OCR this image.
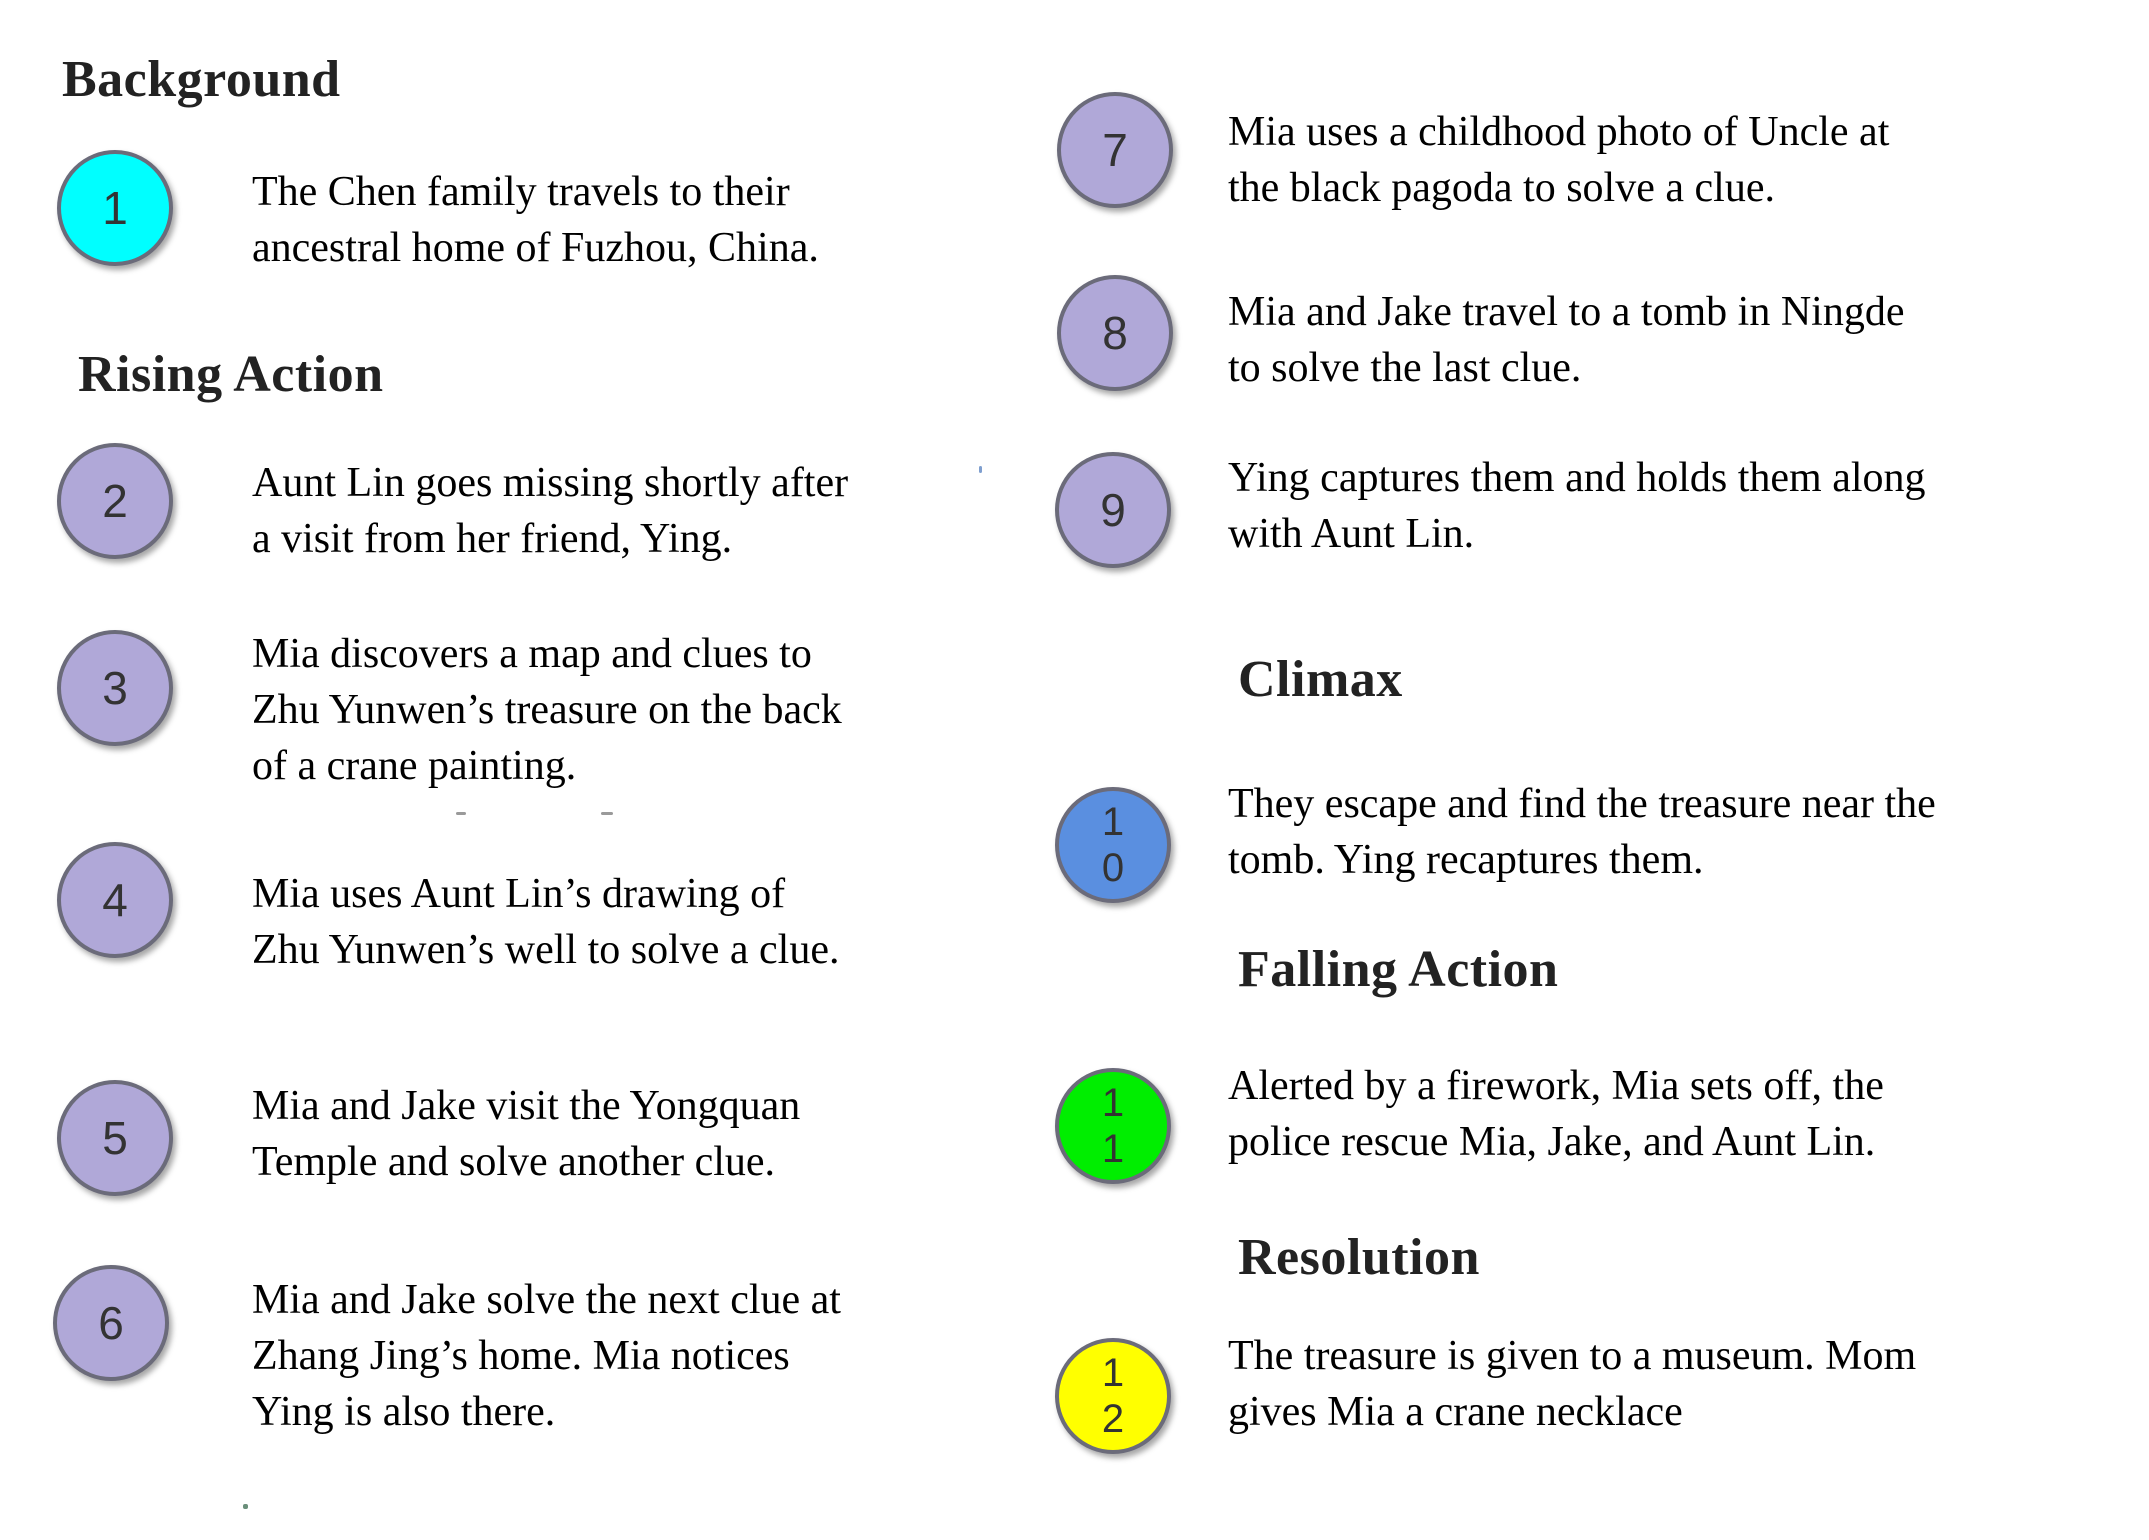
Background
Rising Action
Climax
Falling Action
Resolution
1	The Chen family travels to their
ancestral home of Fuzhou, China.
2	Aunt Lin goes missing shortly after
a visit from her friend, Ying.
3
Mia discovers a map and clues to
Zhu Yunwen’s treasure on the back
of a crane painting.
4	Mia uses Aunt Lin’s drawing of
Zhu Yunwen’s well to solve a clue.
5
Mia and Jake visit the Yongquan
Temple and solve another clue.
6	Mia and Jake solve the next clue at
Zhang Jing’s home. Mia notices
Ying is also there.
7 Mia uses a childhood photo of Uncle at
the black pagoda to solve a clue.
8 Mia and Jake travel to a tomb in Ningde
to solve the last clue.
9
Ying captures them and holds them along
with Aunt Lin.
1
0
They escape and find the treasure near the
tomb. Ying recaptures them.
1
1
Alerted by a firework, Mia sets off, the
police rescue Mia, Jake, and Aunt Lin.
1
2
The treasure is given to a museum. Mom
gives Mia a crane necklace
